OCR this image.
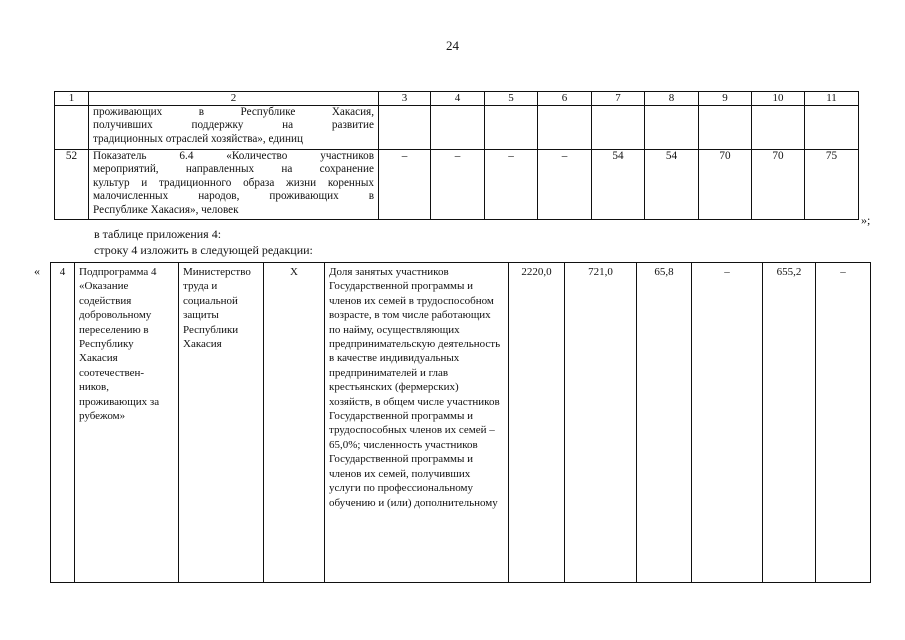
24
1	2	3	4	5	6	7	8	9	10	11

	проживающих в Республике Хакасия,
получивших поддержку на развитие
традиционных отраслей хозяйства», единиц									

52	Показатель 6.4 «Количество участников
мероприятий, направленных на сохранение
культур и традиционного образа жизни коренных
малочисленных народов, проживающих в
Республике Хакасия», человек	–	–	–	–	54	54	70	70	75
»;
в таблице приложения 4:
строку 4 изложить в следующей редакции:
« 4	Подпрограмма 4 «Оказание содействия добровольному переселению в Республику Хакасия соотечествен-ников, проживающих за рубежом»	Министерство труда и социальной защиты Республики Хакасия	Х	Доля занятых участников Государственной программы и членов их семей в трудоспособном возрасте, в том числе работающих по найму, осуществляющих предпринимательскую деятельность в качестве индивидуальных предпринимателей и глав крестьянских (фермерских) хозяйств, в общем числе участников Государственной программы и трудоспособных членов их семей – 65,0%; численность участников Государственной программы и членов их семей, получивших услуги по профессиональному обучению и (или) дополнительному	2220,0	721,0	65,8	–	655,2	–
